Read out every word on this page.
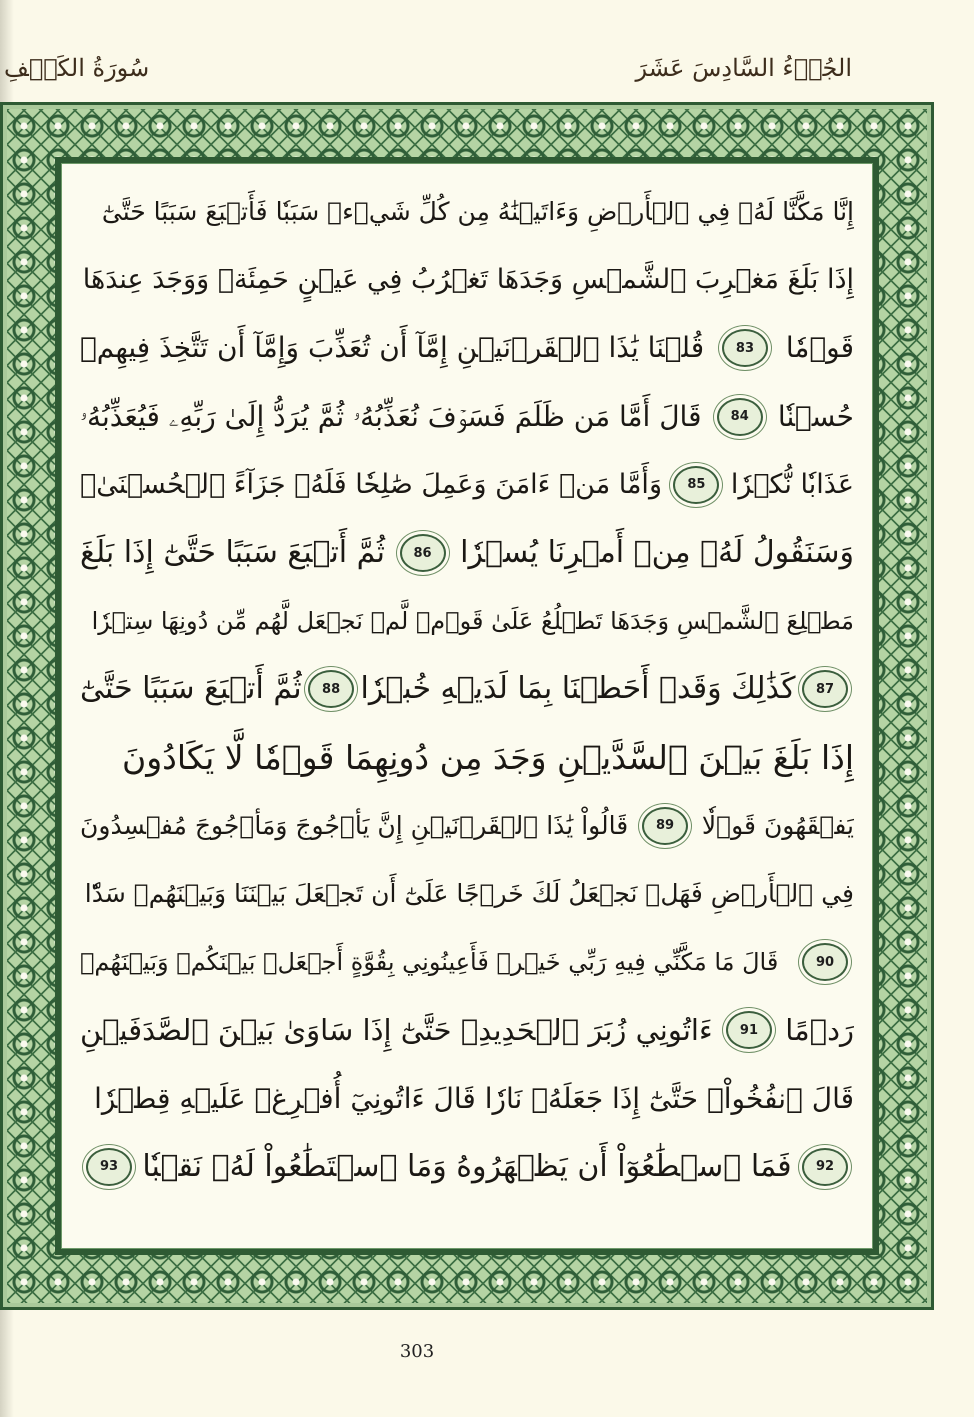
سُورَةُ الكَهۡفِ	الجُزۡءُ السَّادِسَ عَشَرَ
إِنَّا مَكَّنَّا لَهُۥ فِي ٱلۡأَرۡضِ وَءَاتَيۡنَٰهُ مِن كُلِّ شَيۡءٖ سَبَبٗا فَأَتۡبَعَ سَبَبًا حَتَّىٰٓ
إِذَا بَلَغَ مَغۡرِبَ ٱلشَّمۡسِ وَجَدَهَا تَغۡرُبُ فِي عَيۡنٍ حَمِئَةٖ وَوَجَدَ عِندَهَا
قَوۡمٗا
83
قُلۡنَا يَٰذَا ٱلۡقَرۡنَيۡنِ إِمَّآ أَن تُعَذِّبَ وَإِمَّآ أَن تَتَّخِذَ فِيهِمۡ
حُسۡنٗا
84
قَالَ أَمَّا مَن ظَلَمَ فَسَوۡفَ نُعَذِّبُهُۥ ثُمَّ يُرَدُّ إِلَىٰ رَبِّهِۦ فَيُعَذِّبُهُۥ
عَذَابٗا نُّكۡرٗا
85
وَأَمَّا مَنۡ ءَامَنَ وَعَمِلَ صَٰلِحٗا فَلَهُۥ جَزَآءً ٱلۡحُسۡنَىٰۖ
وَسَنَقُولُ لَهُۥ مِنۡ أَمۡرِنَا يُسۡرٗا
86
ثُمَّ أَتۡبَعَ سَبَبًا حَتَّىٰٓ إِذَا بَلَغَ
مَطۡلِعَ ٱلشَّمۡسِ وَجَدَهَا تَطۡلُعُ عَلَىٰ قَوۡمٖ لَّمۡ نَجۡعَل لَّهُم مِّن دُونِهَا سِتۡرٗا
87
كَذَٰلِكَ وَقَدۡ أَحَطۡنَا بِمَا لَدَيۡهِ خُبۡرٗا
88
ثُمَّ أَتۡبَعَ سَبَبًا حَتَّىٰٓ
إِذَا بَلَغَ بَيۡنَ ٱلسَّدَّيۡنِ وَجَدَ مِن دُونِهِمَا قَوۡمٗا لَّا يَكَادُونَ
يَفۡقَهُونَ قَوۡلٗا
89
قَالُواْ يَٰذَا ٱلۡقَرۡنَيۡنِ إِنَّ يَأۡجُوجَ وَمَأۡجُوجَ مُفۡسِدُونَ
فِي ٱلۡأَرۡضِ فَهَلۡ نَجۡعَلُ لَكَ خَرۡجًا عَلَىٰٓ أَن تَجۡعَلَ بَيۡنَنَا وَبَيۡنَهُمۡ سَدّٗا
90
قَالَ مَا مَكَّنِّي فِيهِ رَبِّي خَيۡرٞ فَأَعِينُونِي بِقُوَّةٍ أَجۡعَلۡ بَيۡنَكُمۡ وَبَيۡنَهُمۡ
رَدۡمًا
91
ءَاتُونِي زُبَرَ ٱلۡحَدِيدِۖ حَتَّىٰٓ إِذَا سَاوَىٰ بَيۡنَ ٱلصَّدَفَيۡنِ
قَالَ ٱنفُخُواْۖ حَتَّىٰٓ إِذَا جَعَلَهُۥ نَارٗا قَالَ ءَاتُونِيٓ أُفۡرِغۡ عَلَيۡهِ قِطۡرٗا
92
فَمَا ٱسۡطَٰعُوٓاْ أَن يَظۡهَرُوهُ وَمَا ٱسۡتَطَٰعُواْ لَهُۥ نَقۡبٗا
93
303
